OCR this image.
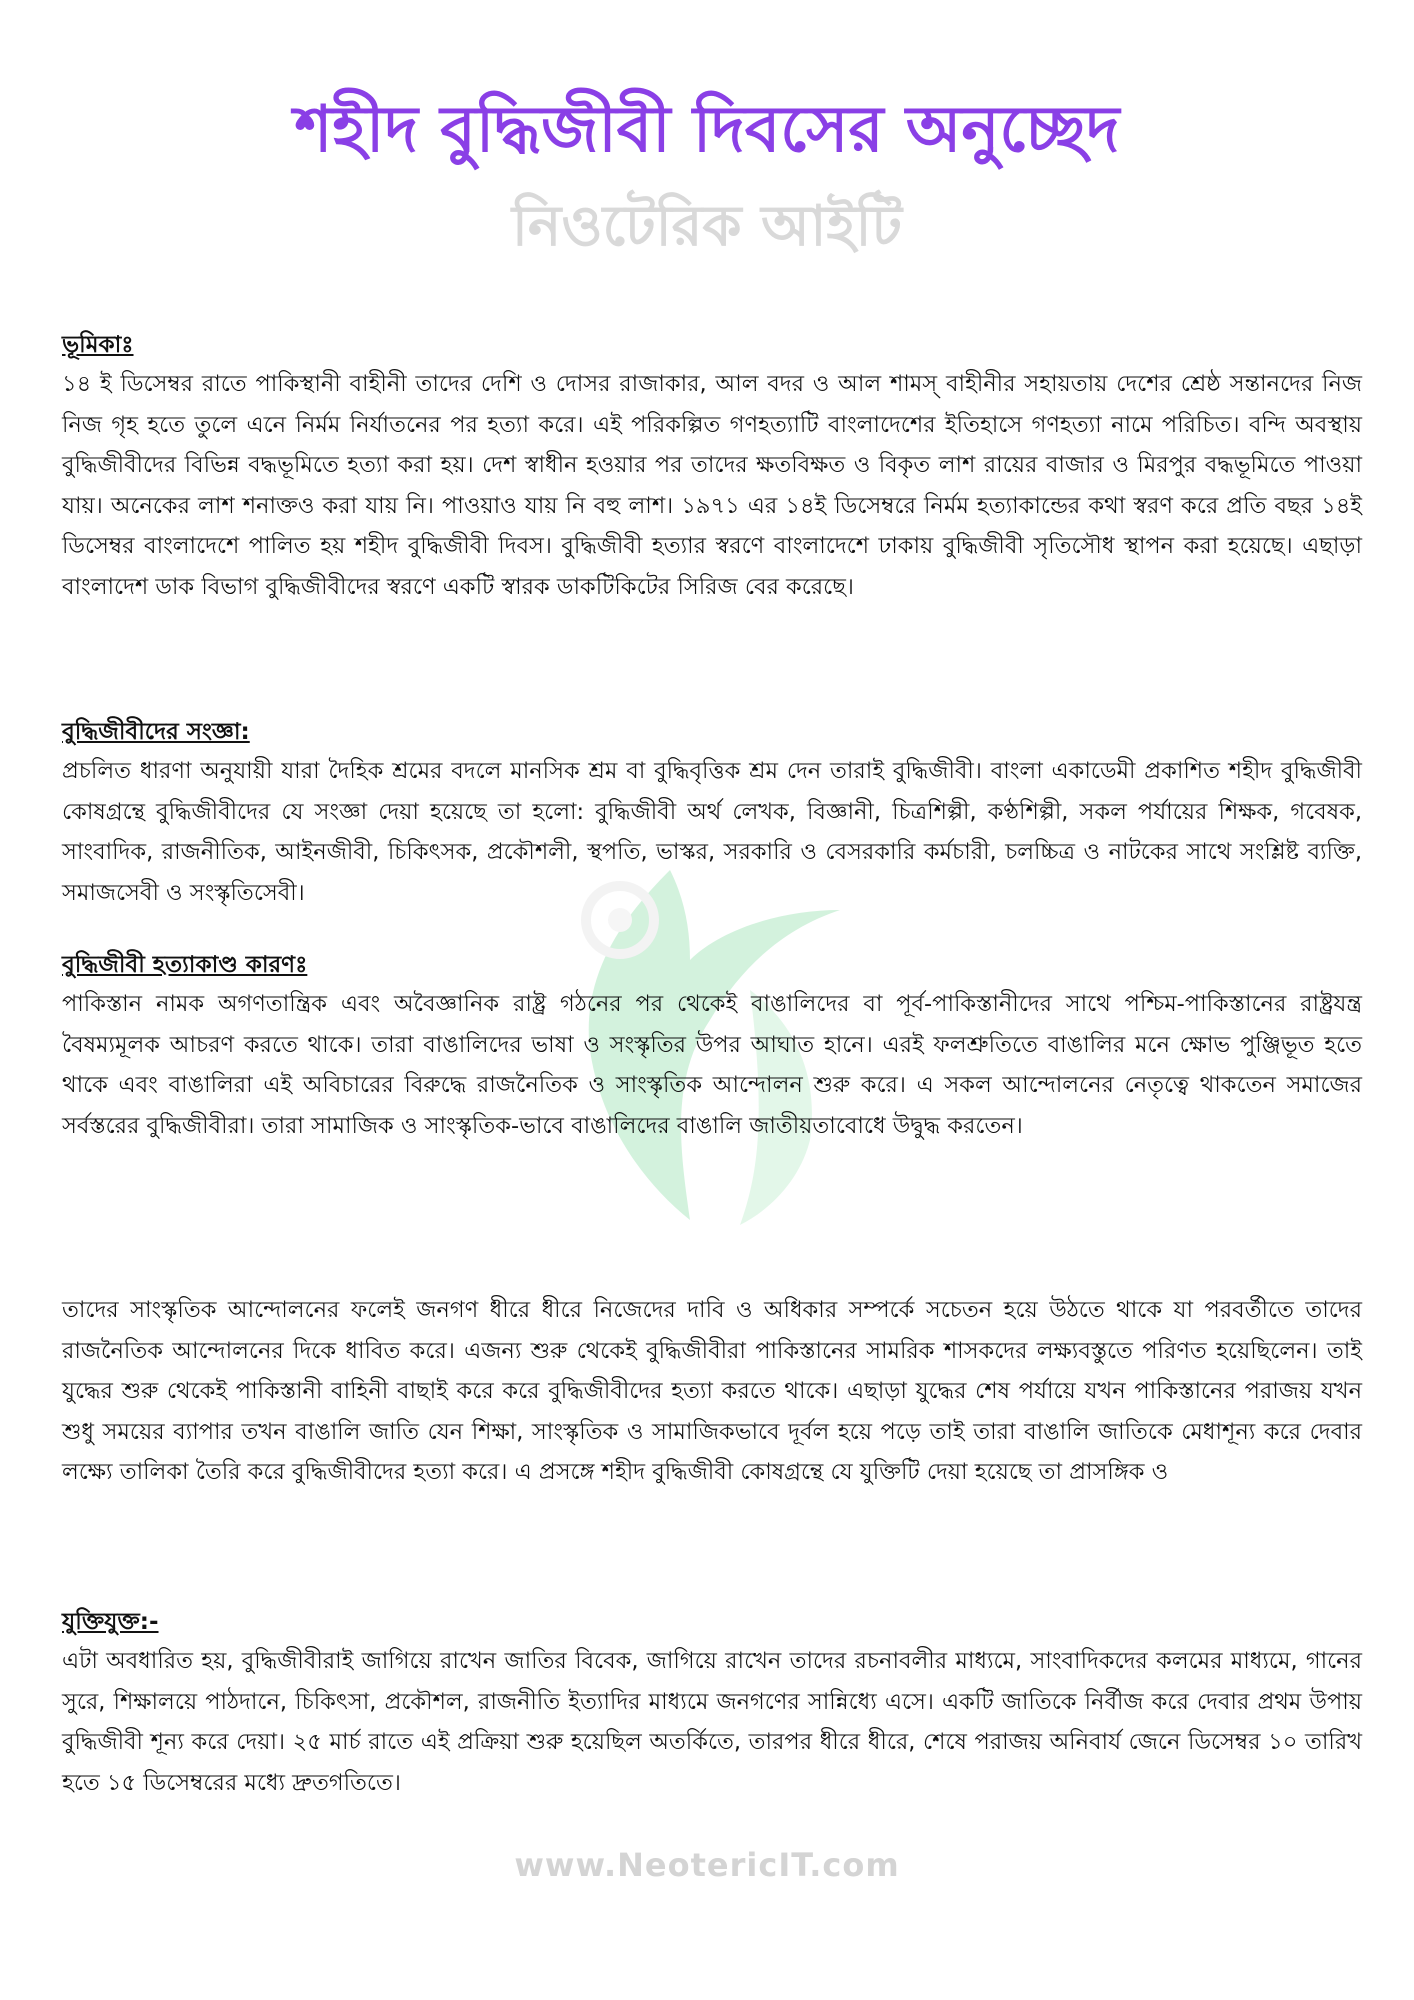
শহীদ বুদ্ধিজীবী দিবসের অনুচ্ছেদ
নিওটেরিক আইটি

ভূমিকাঃ

১৪ ই ডিসেম্বর রাতে পাকিস্থানী বাহীনী তাদের দেশি ও দোসর রাজাকার, আল বদর ও আল শামস্ বাহীনীর সহায়তায় দেশের শ্রেষ্ঠ সন্তানদের নিজ নিজ গৃহ হতে তুলে এনে নির্মম নির্যাতনের পর হত্যা করে। এই পরিকল্পিত গণহত্যাটি বাংলাদেশের ইতিহাসে গণহত্যা নামে পরিচিত। বন্দি অবস্থায় বুদ্ধিজীবীদের বিভিন্ন বদ্ধভূমিতে হত্যা করা হয়। দেশ স্বাধীন হওয়ার পর তাদের ক্ষতবিক্ষত ও বিকৃত লাশ রায়ের বাজার ও মিরপুর বদ্ধভূমিতে পাওয়া যায়। অনেকের লাশ শনাক্তও করা যায় নি। পাওয়াও যায় নি বহু লাশ। ১৯৭১ এর ১৪ই ডিসেম্বরে নির্মম হত্যাকান্ডের কথা স্বরণ করে প্রতি বছর ১৪ই ডিসেম্বর বাংলাদেশে পালিত হয় শহীদ বুদ্ধিজীবী দিবস। বুদ্ধিজীবী হত্যার স্বরণে বাংলাদেশে ঢাকায় বুদ্ধিজীবী সৃতিসৌধ স্থাপন করা হয়েছে। এছাড়া বাংলাদেশ ডাক বিভাগ বুদ্ধিজীবীদের স্বরণে একটি স্বারক ডাকটিকিটের সিরিজ বের করেছে।

বুদ্ধিজীবীদের সংজ্ঞা:

প্রচলিত ধারণা অনুযায়ী যারা দৈহিক শ্রমের বদলে মানসিক শ্রম বা বুদ্ধিবৃত্তিক শ্রম দেন তারাই বুদ্ধিজীবী। বাংলা একাডেমী প্রকাশিত শহীদ বুদ্ধিজীবী কোষগ্রন্থে বুদ্ধিজীবীদের যে সংজ্ঞা দেয়া হয়েছে তা হলো: বুদ্ধিজীবী অর্থ লেখক, বিজ্ঞানী, চিত্রশিল্পী, কণ্ঠশিল্পী, সকল পর্যায়ের শিক্ষক, গবেষক, সাংবাদিক, রাজনীতিক, আইনজীবী, চিকিৎসক, প্রকৌশলী, স্থপতি, ভাস্কর, সরকারি ও বেসরকারি কর্মচারী, চলচ্চিত্র ও নাটকের সাথে সংশ্লিষ্ট ব্যক্তি, সমাজসেবী ও সংস্কৃতিসেবী।

বুদ্ধিজীবী হত্যাকাণ্ড কারণঃ

পাকিস্তান নামক অগণতান্ত্রিক এবং অবৈজ্ঞানিক রাষ্ট্র গঠনের পর থেকেই বাঙালিদের বা পূর্ব-পাকিস্তানীদের সাথে পশ্চিম-পাকিস্তানের রাষ্ট্রযন্ত্র বৈষম্যমূলক আচরণ করতে থাকে। তারা বাঙালিদের ভাষা ও সংস্কৃতির উপর আঘাত হানে। এরই ফলশ্রুতিতে বাঙালির মনে ক্ষোভ পুঞ্জিভূত হতে থাকে এবং বাঙালিরা এই অবিচারের বিরুদ্ধে রাজনৈতিক ও সাংস্কৃতিক আন্দোলন শুরু করে। এ সকল আন্দোলনের নেতৃত্বে থাকতেন সমাজের সর্বস্তরের বুদ্ধিজীবীরা। তারা সামাজিক ও সাংস্কৃতিক-ভাবে বাঙালিদের বাঙালি জাতীয়তাবোধে উদ্বুদ্ধ করতেন।

তাদের সাংস্কৃতিক আন্দোলনের ফলেই জনগণ ধীরে ধীরে নিজেদের দাবি ও অধিকার সম্পর্কে সচেতন হয়ে উঠতে থাকে যা পরবর্তীতে তাদের রাজনৈতিক আন্দোলনের দিকে ধাবিত করে। এজন্য শুরু থেকেই বুদ্ধিজীবীরা পাকিস্তানের সামরিক শাসকদের লক্ষ্যবস্তুতে পরিণত হয়েছিলেন। তাই যুদ্ধের শুরু থেকেই পাকিস্তানী বাহিনী বাছাই করে করে বুদ্ধিজীবীদের হত্যা করতে থাকে। এছাড়া যুদ্ধের শেষ পর্যায়ে যখন পাকিস্তানের পরাজয় যখন শুধু সময়ের ব্যাপার তখন বাঙালি জাতি যেন শিক্ষা, সাংস্কৃতিক ও সামাজিকভাবে দূর্বল হয়ে পড়ে তাই তারা বাঙালি জাতিকে মেধাশূন্য করে দেবার লক্ষ্যে তালিকা তৈরি করে বুদ্ধিজীবীদের হত্যা করে। এ প্রসঙ্গে শহীদ বুদ্ধিজীবী কোষগ্রন্থে যে যুক্তিটি দেয়া হয়েছে তা প্রাসঙ্গিক ও

যুক্তিযুক্ত:-

এটা অবধারিত হয়, বুদ্ধিজীবীরাই জাগিয়ে রাখেন জাতির বিবেক, জাগিয়ে রাখেন তাদের রচনাবলীর মাধ্যমে, সাংবাদিকদের কলমের মাধ্যমে, গানের সুরে, শিক্ষালয়ে পাঠদানে, চিকিৎসা, প্রকৌশল, রাজনীতি ইত্যাদির মাধ্যমে জনগণের সান্নিধ্যে এসে। একটি জাতিকে নির্বীজ করে দেবার প্রথম উপায় বুদ্ধিজীবী শূন্য করে দেয়া। ২৫ মার্চ রাতে এই প্রক্রিয়া শুরু হয়েছিল অতর্কিতে, তারপর ধীরে ধীরে, শেষে পরাজয় অনিবার্য জেনে ডিসেম্বর ১০ তারিখ হতে ১৫ ডিসেম্বরের মধ্যে দ্রুতগতিতে।

www.NeotericIT.com
